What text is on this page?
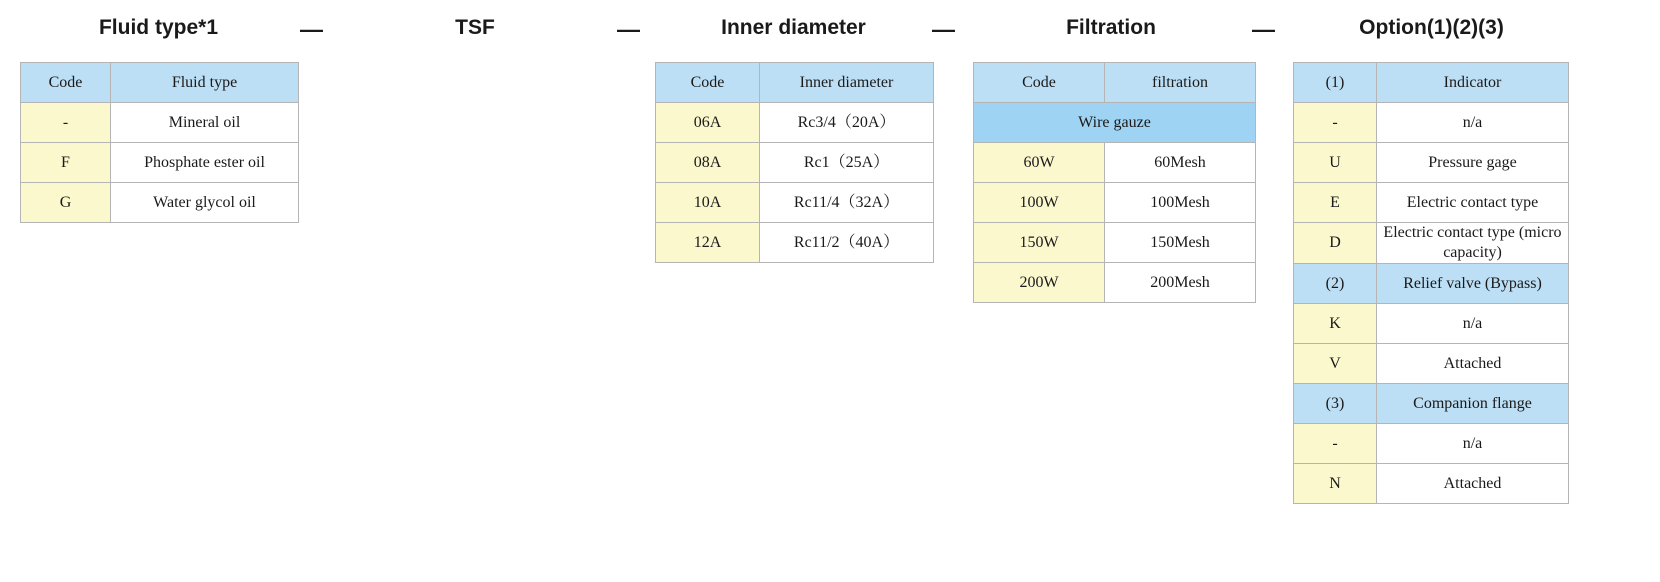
Fluid type*1
Code	Fluid type
-	Mineral oil
F	Phosphate ester oil
G	Water glycol oil
TSF	Inner diameter
Code	Inner diameter
06A	Rc3/4（20A）
08A	Rc1（25A）
10A	Rc11/4（32A）
12A	Rc11/2（40A）
Filtration
Code	filtration
Wire gauze	
60W	60Mesh
100W	100Mesh
150W	150Mesh
200W	200Mesh
Option(1)(2)(3)
(1)	Indicator
-	n/a
U	Pressure gage
E	Electric contact type
D	Electric contact type (micro capacity)
(2)	Relief valve (Bypass)
K	n/a
V	Attached
(3)	Companion flange
-	n/a
N	Attached
—	—	—	—
